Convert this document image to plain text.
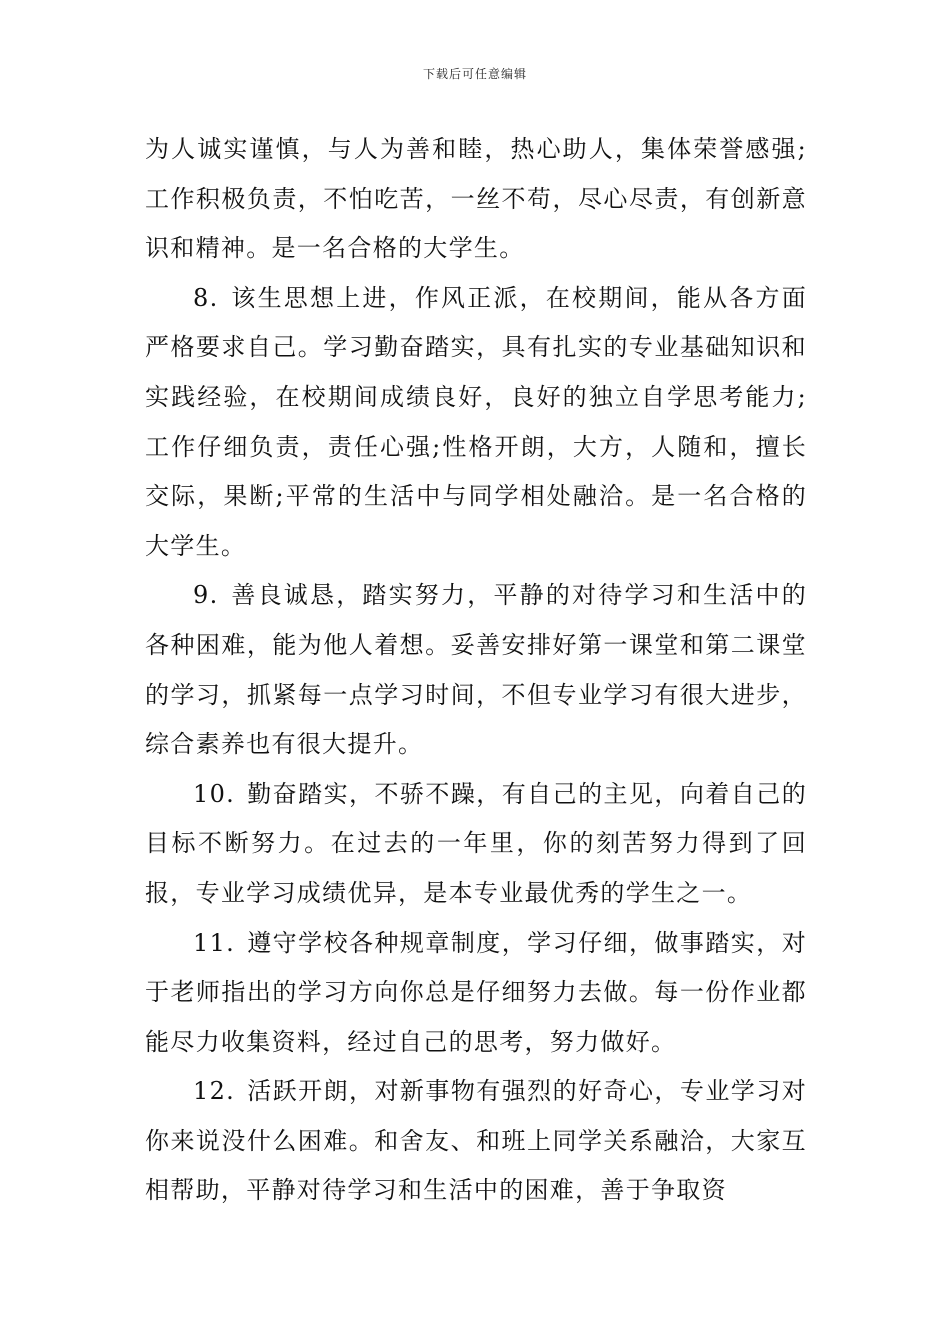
下载后可任意编辑

为人诚实谨慎，与人为善和睦，热心助人，集体荣誉感强;工作积极负责，不怕吃苦，一丝不苟，尽心尽责，有创新意识和精神。是一名合格的大学生。

8. 该生思想上进，作风正派，在校期间，能从各方面严格要求自己。学习勤奋踏实，具有扎实的专业基础知识和实践经验，在校期间成绩良好，良好的独立自学思考能力;工作仔细负责，责任心强;性格开朗，大方，人随和，擅长交际，果断;平常的生活中与同学相处融洽。是一名合格的大学生。

9. 善良诚恳，踏实努力，平静的对待学习和生活中的各种困难，能为他人着想。妥善安排好第一课堂和第二课堂的学习，抓紧每一点学习时间，不但专业学习有很大进步，综合素养也有很大提升。

10. 勤奋踏实，不骄不躁，有自己的主见，向着自己的目标不断努力。在过去的一年里，你的刻苦努力得到了回报，专业学习成绩优异，是本专业最优秀的学生之一。

11. 遵守学校各种规章制度，学习仔细，做事踏实，对于老师指出的学习方向你总是仔细努力去做。每一份作业都能尽力收集资料，经过自己的思考，努力做好。

12. 活跃开朗，对新事物有强烈的好奇心，专业学习对你来说没什么困难。和舍友、和班上同学关系融洽，大家互相帮助，平静对待学习和生活中的困难，善于争取资
